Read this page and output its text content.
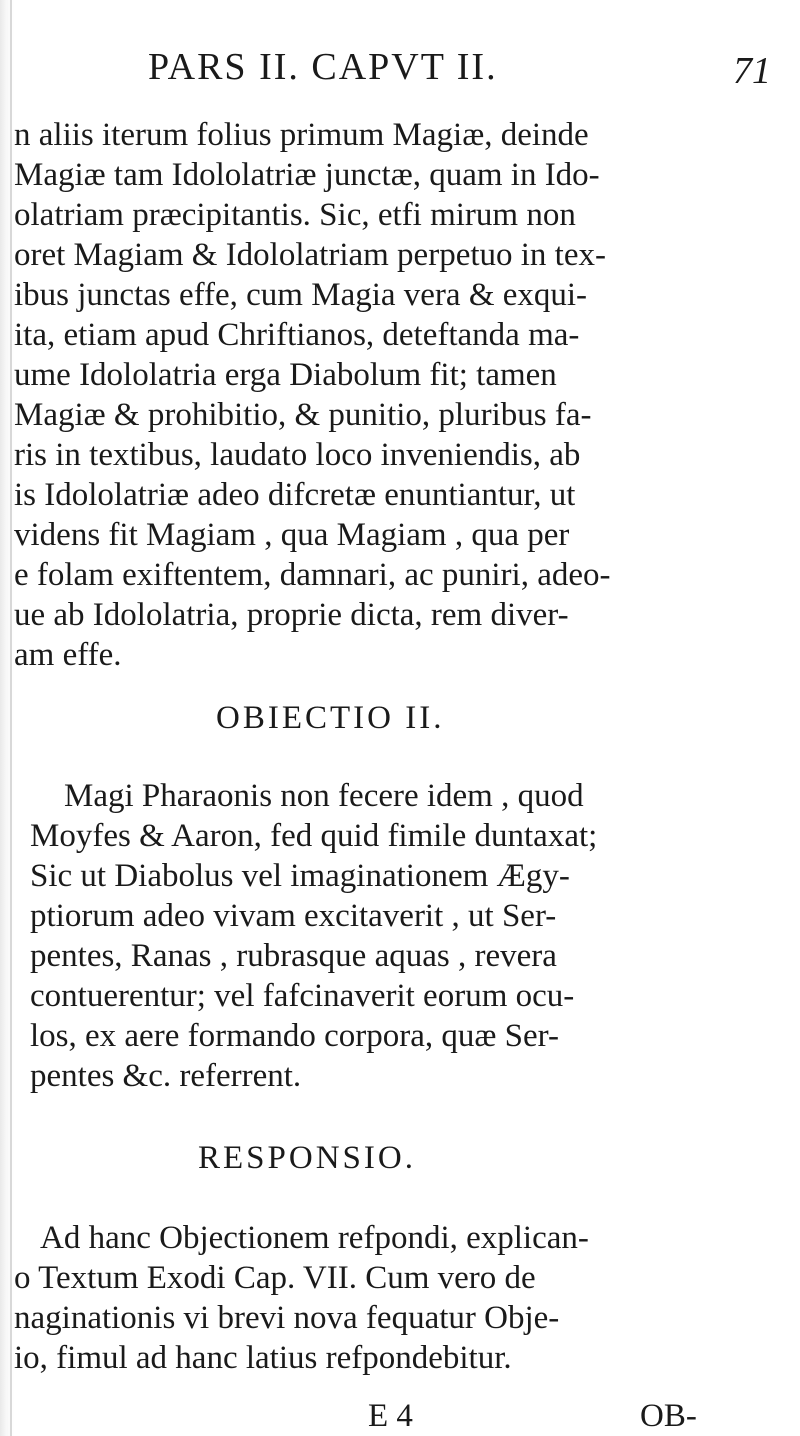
PARS II. CAPVT II.	71
n aliis iterum folius primum Magiæ, deinde
Magiæ tam Idololatriæ junctæ, quam in Ido-
olatriam præcipitantis. Sic, etfi mirum non
oret Magiam & Idololatriam perpetuo in tex-
ibus junctas effe, cum Magia vera & exqui-
ita, etiam apud Chriftianos, deteftanda ma-
ume Idololatria erga Diabolum fit; tamen
Magiæ & prohibitio, & punitio, pluribus fa-
ris in textibus, laudato loco inveniendis, ab
is Idololatriæ adeo difcretæ enuntiantur, ut
videns fit Magiam , qua Magiam , qua per
e folam exiftentem, damnari, ac puniri, adeo-
ue ab Idololatria, proprie dicta, rem diver-
am effe.
OBIECTIO II.
Magi Pharaonis non fecere idem , quod
Moyfes & Aaron, fed quid fimile duntaxat;
Sic ut Diabolus vel imaginationem Ægy-
ptiorum adeo vivam excitaverit , ut Ser-
pentes, Ranas , rubrasque aquas , revera
contuerentur; vel fafcinaverit eorum ocu-
los, ex aere formando corpora, quæ Ser-
pentes &c. referrent.
RESPONSIO.
Ad hanc Objectionem refpondi, explican-
o Textum Exodi Cap. VII. Cum vero de
naginationis vi brevi nova fequatur Obje-
io, fimul ad hanc latius refpondebitur.
E 4	OB-
